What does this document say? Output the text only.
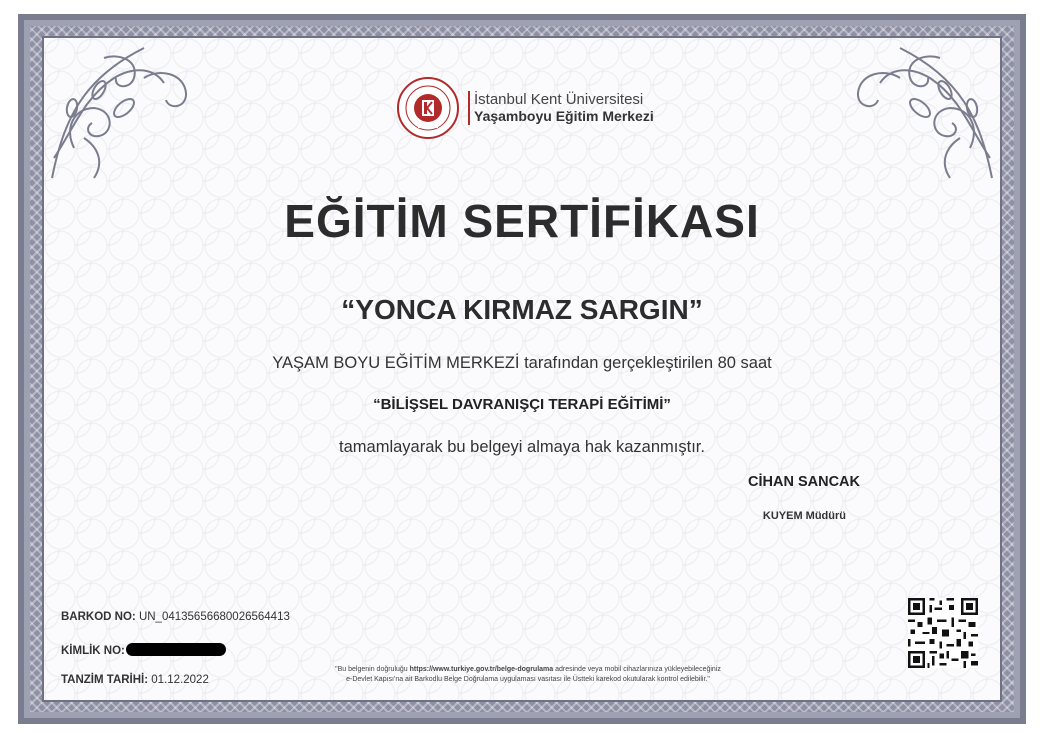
İstanbul Kent Üniversitesi
Yaşamboyu Eğitim Merkezi
EĞİTİM SERTİFİKASI
“YONCA KIRMAZ SARGIN”
YAŞAM BOYU EĞİTİM MERKEZİ tarafından gerçekleştirilen 80 saat
“BİLİŞSEL DAVRANIŞÇI TERAPİ EĞİTİMİ”
tamamlayarak bu belgeyi almaya hak kazanmıştır.
CİHAN SANCAK
KUYEM Müdürü
BARKOD NO: UN_04135656680026564413
KİMLİK NO:
TANZİM TARİHİ: 01.12.2022
"Bu belgenin doğruluğu https://www.turkiye.gov.tr/belge-dogrulama adresinde veya mobil cihazlarınıza yükleyebileceğiniz
e-Devlet Kapısı'na ait Barkodlu Belge Doğrulama uygulaması vasıtası ile Üstteki karekod okutularak kontrol edilebilir."
